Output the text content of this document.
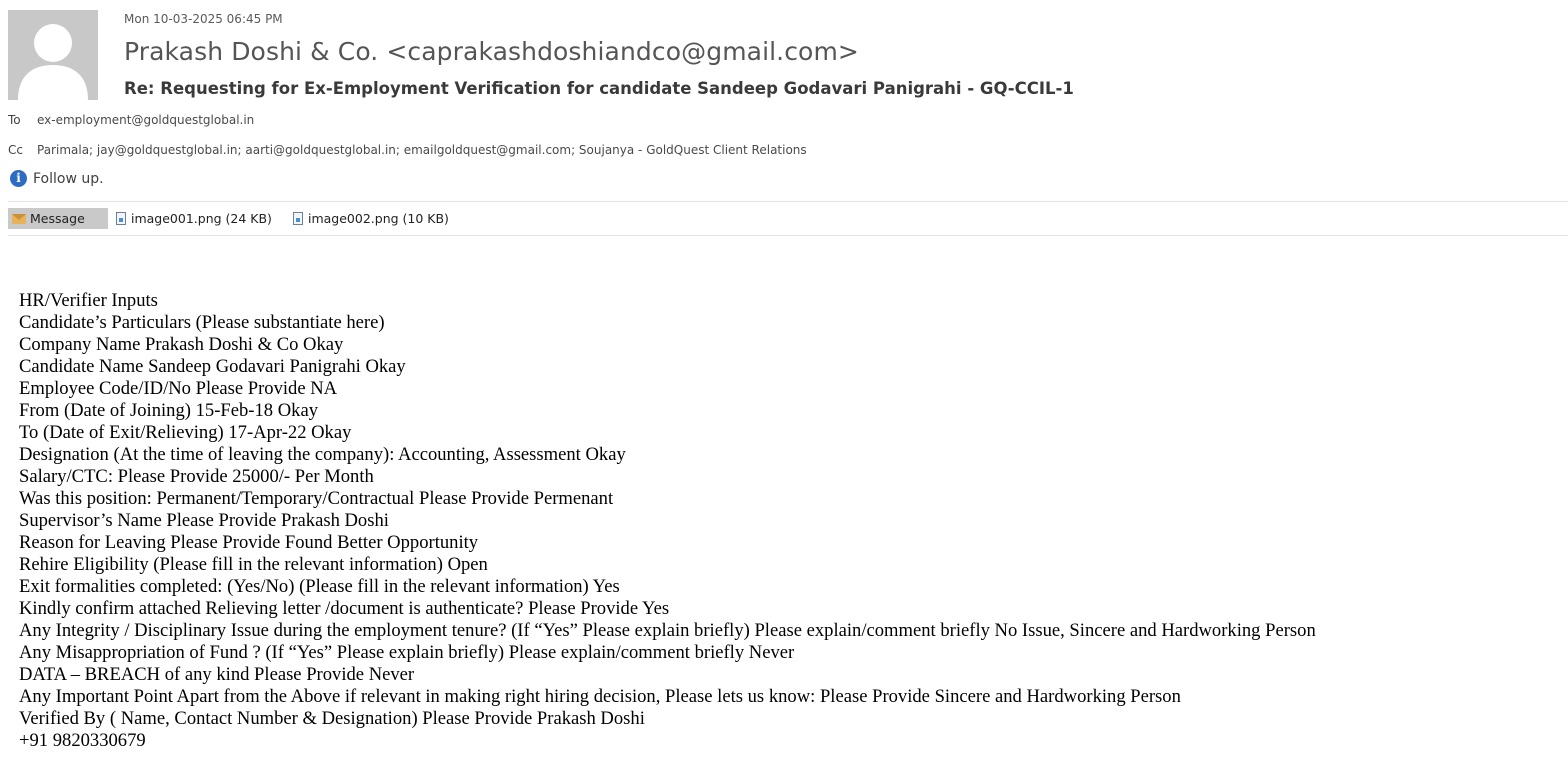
Mon 10-03-2025 06:45 PM
Prakash Doshi & Co. <caprakashdoshiandco@gmail.com>
Re: Requesting for Ex-Employment Verification for candidate Sandeep Godavari Panigrahi - GQ-CCIL-1
To ex-employment@goldquestglobal.in
Cc Parimala; jay@goldquestglobal.in; aarti@goldquestglobal.in; emailgoldquest@gmail.com; Soujanya - GoldQuest Client Relations
i Follow up.
Message	image001.png (24 KB)	image002.png (10 KB)
HR/Verifier Inputs
Candidate’s Particulars (Please substantiate here)
Company Name Prakash Doshi & Co Okay
Candidate Name Sandeep Godavari Panigrahi Okay
Employee Code/ID/No Please Provide NA
From (Date of Joining) 15-Feb-18 Okay
To (Date of Exit/Relieving) 17-Apr-22 Okay
Designation (At the time of leaving the company): Accounting, Assessment Okay
Salary/CTC: Please Provide 25000/- Per Month
Was this position: Permanent/Temporary/Contractual Please Provide Permenant
Supervisor’s Name Please Provide Prakash Doshi
Reason for Leaving Please Provide Found Better Opportunity
Rehire Eligibility (Please fill in the relevant information) Open
Exit formalities completed: (Yes/No) (Please fill in the relevant information) Yes
Kindly confirm attached Relieving letter /document is authenticate? Please Provide Yes
Any Integrity / Disciplinary Issue during the employment tenure? (If “Yes” Please explain briefly) Please explain/comment briefly No Issue, Sincere and Hardworking Person
Any Misappropriation of Fund ? (If “Yes” Please explain briefly) Please explain/comment briefly Never
DATA – BREACH of any kind Please Provide Never
Any Important Point Apart from the Above if relevant in making right hiring decision, Please lets us know: Please Provide Sincere and Hardworking Person
Verified By ( Name, Contact Number & Designation) Please Provide Prakash Doshi
+91 9820330679
